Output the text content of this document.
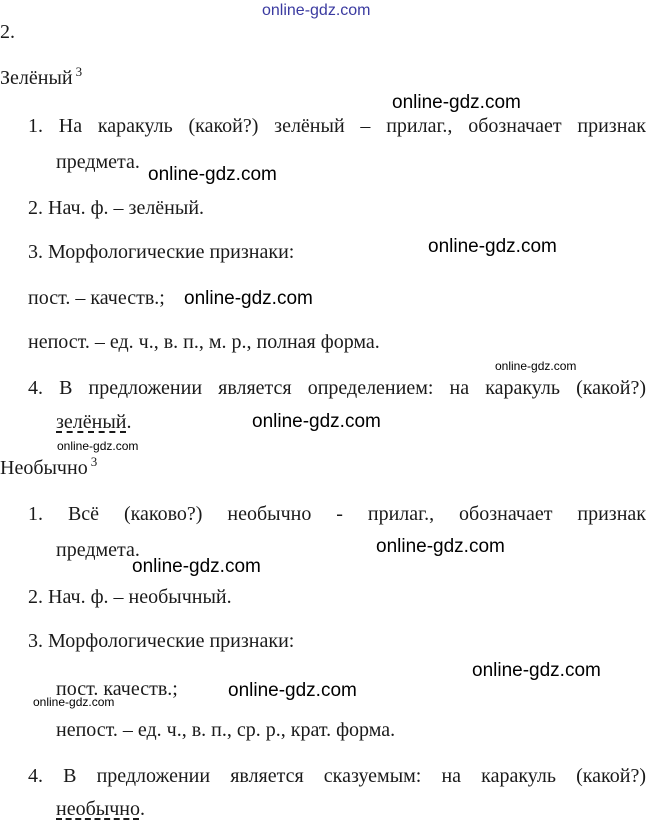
online-gdz.com
2.
Зелёный $^3$
1. На каракуль (какой?) зелёный – прилаг., обозначает признак
предмета.
2. Нач. ф. – зелёный.
3. Морфологические признаки:
пост. – качеств.;
непост. – ед. ч., в. п., м. р., полная форма.
4. В предложении является определением: на каракуль (какой?)
зелёный.
Необычно $^3$
1. Всё (каково?) необычно - прилаг., обозначает признак
предмета.
2. Нач. ф. – необычный.
3. Морфологические признаки:
пост. качеств.;
непост. – ед. ч., в. п., ср. р., крат. форма.
4. В предложении является сказуемым: на каракуль (какой?)
необычно.
online-gdz.com
online-gdz.com
online-gdz.com
online-gdz.com
online-gdz.com
online-gdz.com
online-gdz.com
online-gdz.com
online-gdz.com
online-gdz.com
online-gdz.com
online-gdz.com
